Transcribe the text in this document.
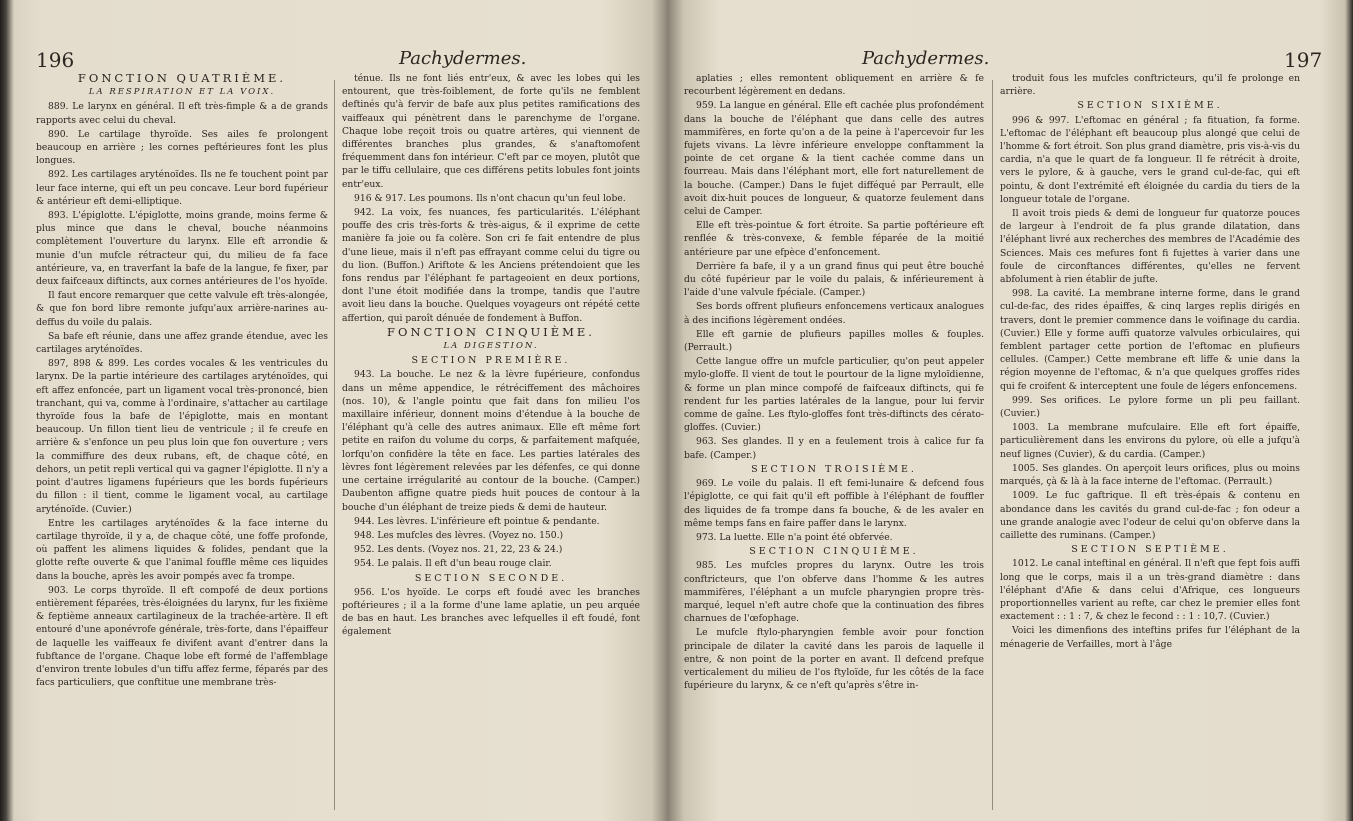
196	Pachydermes.

FONCTION QUATRIÈME.

LA RESPIRATION ET LA VOIX.

889. Le larynx en général. Il eft très-fimple & a de grands rapports avec celui du cheval.

890. Le cartilage thyroïde. Ses ailes fe prolongent beaucoup en arrière ; les cornes peftérieures font les plus longues.

892. Les cartilages aryténoïdes. Ils ne fe touchent point par leur face interne, qui eft un peu concave. Leur bord fupérieur & antérieur eft demi-elliptique.

893. L'épiglotte. L'épiglotte, moins grande, moins ferme & plus mince que dans le cheval, bouche néanmoins complètement l'ouverture du larynx. Elle eft arrondie & munie d'un mufcle rétracteur qui, du milieu de fa face antérieure, va, en traverfant la bafe de la langue, fe fixer, par deux faifceaux diftincts, aux cornes antérieures de l'os hyoïde.

Il faut encore remarquer que cette valvule eft très-alongée, & que fon bord libre remonte jufqu'aux arrière-narines au-deffus du voile du palais.

Sa bafe eft réunie, dans une affez grande étendue, avec les cartilages aryténoïdes.

897, 898 & 899. Les cordes vocales & les ventricules du larynx. De la partie intérieure des cartilages aryténoïdes, qui eft affez enfoncée, part un ligament vocal très-prononcé, bien tranchant, qui va, comme à l'ordinaire, s'attacher au cartilage thyroïde fous la bafe de l'épiglotte, mais en montant beaucoup. Un fillon tient lieu de ventricule ; il fe creufe en arrière & s'enfonce un peu plus loin que fon ouverture ; vers la commiffure des deux rubans, eft, de chaque côté, en dehors, un petit repli vertical qui va gagner l'épiglotte. Il n'y a point d'autres ligamens fupérieurs que les bords fupérieurs du fillon : il tient, comme le ligament vocal, au cartilage aryténoïde. (Cuvier.)

Entre les cartilages aryténoïdes & la face interne du cartilage thyroïde, il y a, de chaque côté, une foffe profonde, où paffent les alimens liquides & folides, pendant que la glotte refte ouverte & que l'animal fouffle même ces liquides dans la bouche, après les avoir pompés avec fa trompe.

903. Le corps thyroïde. Il eft compofé de deux portions entièrement féparées, très-éloignées du larynx, fur les fixième & feptième anneaux cartilagineux de la trachée-artère. Il eft entouré d'une aponévrofe générale, très-forte, dans l'épaiffeur de laquelle les vaiffeaux fe divifent avant d'entrer dans la fubftance de l'organe. Chaque lobe eft formé de l'affemblage d'environ trente lobules d'un tiffu affez ferme, féparés par des facs particuliers, que conftitue une membrane très-

ténue. Ils ne font liés entr'eux, & avec les lobes qui les entourent, que très-foiblement, de forte qu'ils ne femblent deftinés qu'à fervir de bafe aux plus petites ramifications des vaiffeaux qui pénètrent dans le parenchyme de l'organe. Chaque lobe reçoit trois ou quatre artères, qui viennent de différentes branches plus grandes, & s'anaftomofent fréquemment dans fon intérieur. C'eft par ce moyen, plutôt que par le tiffu cellulaire, que ces différens petits lobules font joints entr'eux.

916 & 917. Les poumons. Ils n'ont chacun qu'un feul lobe.

942. La voix, fes nuances, fes particularités. L'éléphant pouffe des cris très-forts & très-aigus, & il exprime de cette manière fa joie ou fa colère. Son cri fe fait entendre de plus d'une lieue, mais il n'eft pas effrayant comme celui du tigre ou du lion. (Buffon.) Ariftote & les Anciens prétendoient que les fons rendus par l'éléphant fe partageoient en deux portions, dont l'une étoit modifiée dans la trompe, tandis que l'autre avoit lieu dans la bouche. Quelques voyageurs ont répété cette affertion, qui paroît dénuée de fondement à Buffon.

FONCTION CINQUIÈME.

LA DIGESTION.

SECTION PREMIÈRE.

943. La bouche. Le nez & la lèvre fupérieure, confondus dans un même appendice, le rétréciffement des mâchoires (nos. 10), & l'angle pointu que fait dans fon milieu l'os maxillaire inférieur, donnent moins d'étendue à la bouche de l'éléphant qu'à celle des autres animaux. Elle eft même fort petite en raifon du volume du corps, & parfaitement mafquée, lorfqu'on confidère la tête en face. Les parties latérales des lèvres font légèrement relevées par les défenfes, ce qui donne une certaine irrégularité au contour de la bouche. (Camper.) Daubenton affigne quatre pieds huit pouces de contour à la bouche d'un éléphant de treize pieds & demi de hauteur.

944. Les lèvres. L'inférieure eft pointue & pendante.

948. Les mufcles des lèvres. (Voyez no. 150.)

952. Les dents. (Voyez nos. 21, 22, 23 & 24.)

954. Le palais. Il eft d'un beau rouge clair.

SECTION SECONDE.

956. L'os hyoïde. Le corps eft foudé avec les branches poftérieures ; il a la forme d'une lame aplatie, un peu arquée de bas en haut. Les branches avec lefquelles il eft foudé, font également

Pachydermes.	197

aplaties ; elles remontent obliquement en arrière & fe recourbent légèrement en dedans.

959. La langue en général. Elle eft cachée plus profondément dans la bouche de l'éléphant que dans celle des autres mammifères, en forte qu'on a de la peine à l'apercevoir fur les fujets vivans. La lèvre inférieure enveloppe conftamment la pointe de cet organe & la tient cachée comme dans un fourreau. Mais dans l'éléphant mort, elle fort naturellement de la bouche. (Camper.) Dans le fujet difféqué par Perrault, elle avoit dix-huit pouces de longueur, & quatorze feulement dans celui de Camper.

Elle eft très-pointue & fort étroite. Sa partie poftérieure eft renflée & très-convexe, & femble féparée de la moitié antérieure par une efpèce d'enfoncement.

Derrière fa bafe, il y a un grand finus qui peut être bouché du côté fupérieur par le voile du palais, & inférieurement à l'aide d'une valvule fpéciale. (Camper.)

Ses bords offrent plufieurs enfoncemens verticaux analogues à des incifions légèrement ondées.

Elle eft garnie de plufieurs papilles molles & fouples. (Perrault.)

Cette langue offre un mufcle particulier, qu'on peut appeler mylo-gloffe. Il vient de tout le pourtour de la ligne myloïdienne, & forme un plan mince compofé de faifceaux diftincts, qui fe rendent fur les parties latérales de la langue, pour lui fervir comme de gaîne. Les ftylo-gloffes font très-diftincts des cérato-gloffes. (Cuvier.)

963. Ses glandes. Il y en a feulement trois à calice fur fa bafe. (Camper.)

SECTION TROISIÈME.

969. Le voile du palais. Il eft femi-lunaire & defcend fous l'épiglotte, ce qui fait qu'il eft poffible à l'éléphant de fouffler des liquides de fa trompe dans fa bouche, & de les avaler en même temps fans en faire paffer dans le larynx.

973. La luette. Elle n'a point été obfervée.

SECTION CINQUIÈME.

985. Les mufcles propres du larynx. Outre les trois conftricteurs, que l'on obferve dans l'homme & les autres mammifères, l'éléphant a un mufcle pharyngien propre très-marqué, lequel n'eft autre chofe que la continuation des fibres charnues de l'œfophage.

Le mufcle ftylo-pharyngien femble avoir pour fonction principale de dilater la cavité dans les parois de laquelle il entre, & non point de la porter en avant. Il defcend prefque verticalement du milieu de l'os ftyloïde, fur les côtés de la face fupérieure du larynx, & ce n'eft qu'après s'être in-

troduit fous les mufcles conftricteurs, qu'il fe prolonge en arrière.

SECTION SIXIÈME.

996 & 997. L'eftomac en général ; fa fituation, fa forme. L'eftomac de l'éléphant eft beaucoup plus alongé que celui de l'homme & fort étroit. Son plus grand diamètre, pris vis-à-vis du cardia, n'a que le quart de fa longueur. Il fe rétrécit à droite, vers le pylore, & à gauche, vers le grand cul-de-fac, qui eft pointu, & dont l'extrémité eft éloignée du cardia du tiers de la longueur totale de l'organe.

Il avoit trois pieds & demi de longueur fur quatorze pouces de largeur à l'endroit de fa plus grande dilatation, dans l'éléphant livré aux recherches des membres de l'Académie des Sciences. Mais ces mefures font fi fujettes à varier dans une foule de circonftances différentes, qu'elles ne fervent abfolument à rien établir de jufte.

998. La cavité. La membrane interne forme, dans le grand cul-de-fac, des rides épaiffes, & cinq larges replis dirigés en travers, dont le premier commence dans le voifinage du cardia. (Cuvier.) Elle y forme auffi quatorze valvules orbiculaires, qui femblent partager cette portion de l'eftomac en plufieurs cellules. (Camper.) Cette membrane eft liffe & unie dans la région moyenne de l'eftomac, & n'a que quelques groffes rides qui fe croifent & interceptent une foule de légers enfoncemens.

999. Ses orifices. Le pylore forme un pli peu faillant. (Cuvier.)

1003. La membrane mufculaire. Elle eft fort épaiffe, particulièrement dans les environs du pylore, où elle a jufqu'à neuf lignes (Cuvier), & du cardia. (Camper.)

1005. Ses glandes. On aperçoit leurs orifices, plus ou moins marqués, çà & là à la face interne de l'eftomac. (Perrault.)

1009. Le fuc gaftrique. Il eft très-épais & contenu en abondance dans les cavités du grand cul-de-fac ; fon odeur a une grande analogie avec l'odeur de celui qu'on obferve dans la caillette des ruminans. (Camper.)

SECTION SEPTIÈME.

1012. Le canal inteftinal en général. Il n'eft que fept fois auffi long que le corps, mais il a un très-grand diamètre : dans l'éléphant d'Afie & dans celui d'Afrique, ces longueurs proportionnelles varient au refte, car chez le premier elles font exactement : : 1 : 7, & chez le fecond : : 1 : 10,7. (Cuvier.)

Voici les dimenfions des inteftins prifes fur l'éléphant de la ménagerie de Verfailles, mort à l'âge
